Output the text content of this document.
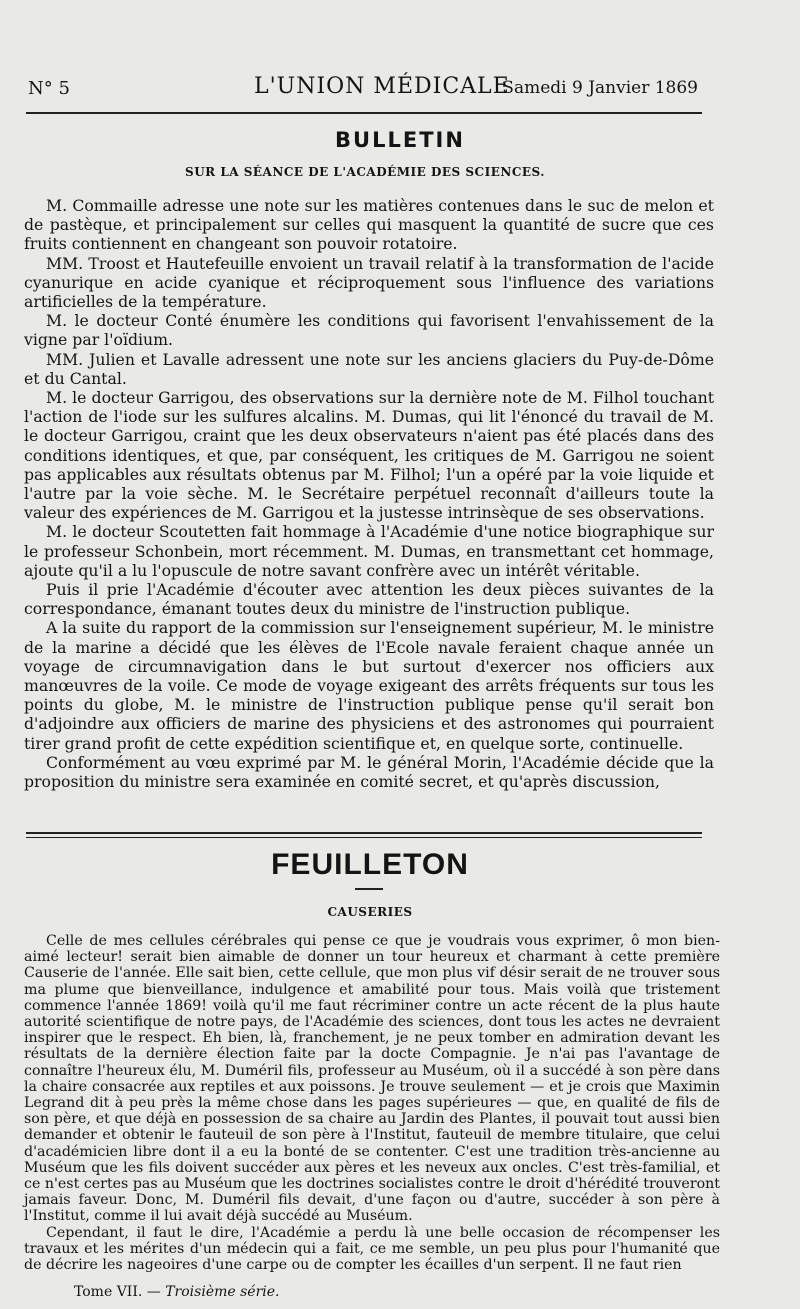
N° 5	L'UNION MÉDICALE
Samedi 9 Janvier 1869
BULLETIN
SUR LA SÉANCE DE L'ACADÉMIE DES SCIENCES.

M. Commaille adresse une note sur les matières contenues dans le suc de melon et de pastèque, et principalement sur celles qui masquent la quantité de sucre que ces fruits contiennent en changeant son pouvoir rotatoire.

MM. Troost et Hautefeuille envoient un travail relatif à la transformation de l'acide cyanurique en acide cyanique et réciproquement sous l'influence des variations artificielles de la température.

M. le docteur Conté énumère les conditions qui favorisent l'envahissement de la vigne par l'oïdium.

MM. Julien et Lavalle adressent une note sur les anciens glaciers du Puy-de-Dôme et du Cantal.

M. le docteur Garrigou, des observations sur la dernière note de M. Filhol touchant l'action de l'iode sur les sulfures alcalins. M. Dumas, qui lit l'énoncé du travail de M. le docteur Garrigou, craint que les deux observateurs n'aient pas été placés dans des conditions identiques, et que, par conséquent, les critiques de M. Garrigou ne soient pas applicables aux résultats obtenus par M. Filhol; l'un a opéré par la voie liquide et l'autre par la voie sèche. M. le Secrétaire perpétuel reconnaît d'ailleurs toute la valeur des expériences de M. Garrigou et la justesse intrinsèque de ses observations.

M. le docteur Scoutetten fait hommage à l'Académie d'une notice biographique sur le professeur Schonbein, mort récemment. M. Dumas, en transmettant cet hommage, ajoute qu'il a lu l'opuscule de notre savant confrère avec un intérêt véritable.

Puis il prie l'Académie d'écouter avec attention les deux pièces suivantes de la correspondance, émanant toutes deux du ministre de l'instruction publique.

A la suite du rapport de la commission sur l'enseignement supérieur, M. le ministre de la marine a décidé que les élèves de l'Ecole navale feraient chaque année un voyage de circumnavigation dans le but surtout d'exercer nos officiers aux manœuvres de la voile. Ce mode de voyage exigeant des arrêts fréquents sur tous les points du globe, M. le ministre de l'instruction publique pense qu'il serait bon d'adjoindre aux officiers de marine des physiciens et des astronomes qui pourraient tirer grand profit de cette expédition scientifique et, en quelque sorte, continuelle.

Conformément au vœu exprimé par M. le général Morin, l'Académie décide que la proposition du ministre sera examinée en comité secret, et qu'après discussion,

FEUILLETON
CAUSERIES

Celle de mes cellules cérébrales qui pense ce que je voudrais vous exprimer, ô mon bien-aimé lecteur! serait bien aimable de donner un tour heureux et charmant à cette première Causerie de l'année. Elle sait bien, cette cellule, que mon plus vif désir serait de ne trouver sous ma plume que bienveillance, indulgence et amabilité pour tous. Mais voilà que tristement commence l'année 1869! voilà qu'il me faut récriminer contre un acte récent de la plus haute autorité scientifique de notre pays, de l'Académie des sciences, dont tous les actes ne devraient inspirer que le respect. Eh bien, là, franchement, je ne peux tomber en admiration devant les résultats de la dernière élection faite par la docte Compagnie. Je n'ai pas l'avantage de connaître l'heureux élu, M. Duméril fils, professeur au Muséum, où il a succédé à son père dans la chaire consacrée aux reptiles et aux poissons. Je trouve seulement — et je crois que Maximin Legrand dit à peu près la même chose dans les pages supérieures — que, en qualité de fils de son père, et que déjà en possession de sa chaire au Jardin des Plantes, il pouvait tout aussi bien demander et obtenir le fauteuil de son père à l'Institut, fauteuil de membre titulaire, que celui d'académicien libre dont il a eu la bonté de se contenter. C'est une tradition très-ancienne au Muséum que les fils doivent succéder aux pères et les neveux aux oncles. C'est très-familial, et ce n'est certes pas au Muséum que les doctrines socialistes contre le droit d'hérédité trouveront jamais faveur. Donc, M. Duméril fils devait, d'une façon ou d'autre, succéder à son père à l'Institut, comme il lui avait déjà succédé au Muséum.

Cependant, il faut le dire, l'Académie a perdu là une belle occasion de récompenser les travaux et les mérites d'un médecin qui a fait, ce me semble, un peu plus pour l'humanité que de décrire les nageoires d'une carpe ou de compter les écailles d'un serpent. Il ne faut rien

Tome VII. — Troisième série.
